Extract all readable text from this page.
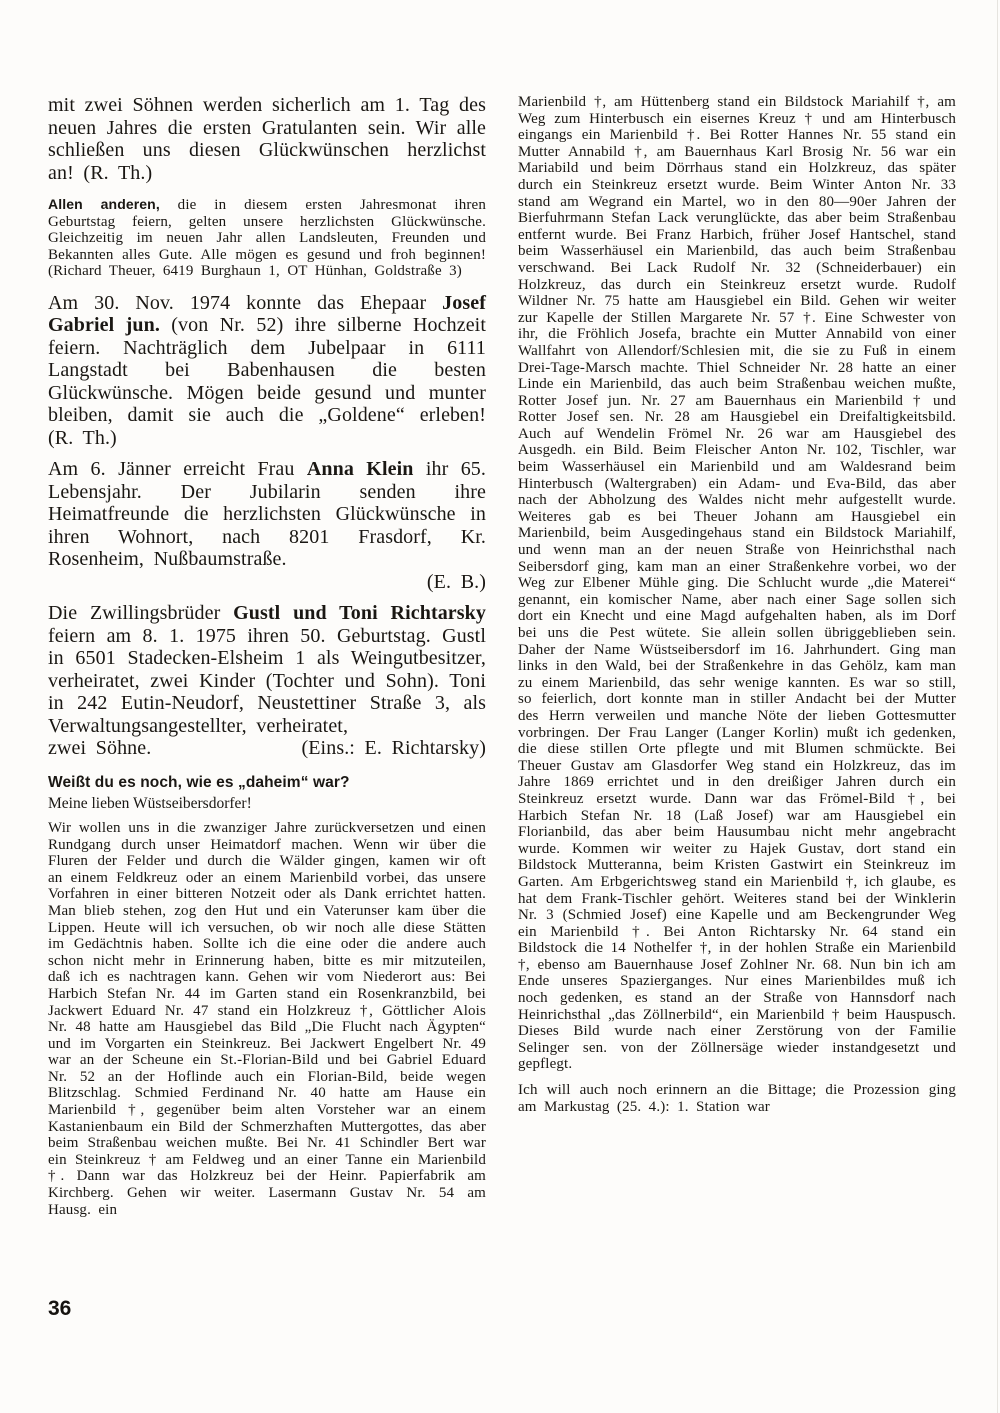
mit zwei Söhnen werden sicherlich am 1. Tag des neuen Jahres die ersten Gratulanten sein. Wir alle schließen uns diesen Glückwünschen herzlichst an! (R. Th.)

Allen anderen, die in diesem ersten Jahresmonat ihren Geburtstag feiern, gelten unsere herzlichsten Glückwünsche. Gleichzeitig im neuen Jahr allen Landsleuten, Freunden und Bekannten alles Gute. Alle mögen es gesund und froh beginnen! (Richard Theuer, 6419 Burghaun 1, OT Hünhan, Goldstraße 3)

Am 30. Nov. 1974 konnte das Ehepaar Josef Gabriel jun. (von Nr. 52) ihre silberne Hochzeit feiern. Nachträglich dem Jubelpaar in 6111 Langstadt bei Babenhausen die besten Glückwünsche. Mögen beide gesund und munter bleiben, damit sie auch die „Goldene“ erleben! (R. Th.)

Am 6. Jänner erreicht Frau Anna Klein ihr 65. Lebensjahr. Der Jubilarin senden ihre Heimatfreunde die herzlichsten Glückwünsche in ihren Wohnort, nach 8201 Frasdorf, Kr. Rosenheim, Nußbaumstraße.
(E. B.)

Die Zwillingsbrüder Gustl und Toni Richtarsky feiern am 8. 1. 1975 ihren 50. Geburtstag. Gustl in 6501 Stadecken-Elsheim 1 als Weingutbesitzer, verheiratet, zwei Kinder (Tochter und Sohn). Toni in 242 Eutin-Neudorf, Neustettiner Straße 3, als Verwaltungsangestellter, verheiratet,
zwei Söhne.	(Eins.: E. Richtarsky)

Weißt du es noch, wie es „daheim“ war?

Meine lieben Wüstseibersdorfer!

Wir wollen uns in die zwanziger Jahre zurückversetzen und einen Rundgang durch unser Heimatdorf machen. Wenn wir über die Fluren der Felder und durch die Wälder gingen, kamen wir oft an einem Feldkreuz oder an einem Marienbild vorbei, das unsere Vorfahren in einer bitteren Notzeit oder als Dank errichtet hatten. Man blieb stehen, zog den Hut und ein Vaterunser kam über die Lippen. Heute will ich versuchen, ob wir noch alle diese Stätten im Gedächtnis haben. Sollte ich die eine oder die andere auch schon nicht mehr in Erinnerung haben, bitte es mir mitzuteilen, daß ich es nachtragen kann. Gehen wir vom Niederort aus: Bei Harbich Stefan Nr. 44 im Garten stand ein Rosenkranzbild, bei Jackwert Eduard Nr. 47 stand ein Holzkreuz †, Göttlicher Alois Nr. 48 hatte am Hausgiebel das Bild „Die Flucht nach Ägypten“ und im Vorgarten ein Steinkreuz. Bei Jackwert Engelbert Nr. 49 war an der Scheune ein St.-Florian-Bild und bei Gabriel Eduard Nr. 52 an der Hoflinde auch ein Florian-Bild, beide wegen Blitzschlag. Schmied Ferdinand Nr. 40 hatte am Hause ein Marienbild †, gegenüber beim alten Vorsteher war an einem Kastanienbaum ein Bild der Schmerzhaften Muttergottes, das aber beim Straßenbau weichen mußte. Bei Nr. 41 Schindler Bert war ein Steinkreuz † am Feldweg und an einer Tanne ein Marienbild †. Dann war das Holzkreuz bei der Heinr. Papierfabrik am Kirchberg. Gehen wir weiter. Lasermann Gustav Nr. 54 am Hausg. ein

Marienbild †, am Hüttenberg stand ein Bildstock Mariahilf †, am Weg zum Hinterbusch ein eisernes Kreuz † und am Hinterbusch eingangs ein Marienbild †. Bei Rotter Hannes Nr. 55 stand ein Mutter Annabild †, am Bauernhaus Karl Brosig Nr. 56 war ein Mariabild und beim Dörrhaus stand ein Holzkreuz, das später durch ein Steinkreuz ersetzt wurde. Beim Winter Anton Nr. 33 stand am Wegrand ein Martel, wo in den 80—90er Jahren der Bierfuhrmann Stefan Lack verunglückte, das aber beim Straßenbau entfernt wurde. Bei Franz Harbich, früher Josef Hantschel, stand beim Wasserhäusel ein Marienbild, das auch beim Straßenbau verschwand. Bei Lack Rudolf Nr. 32 (Schneiderbauer) ein Holzkreuz, das durch ein Steinkreuz ersetzt wurde. Rudolf Wildner Nr. 75 hatte am Hausgiebel ein Bild. Gehen wir weiter zur Kapelle der Stillen Margarete Nr. 57 †. Eine Schwester von ihr, die Fröhlich Josefa, brachte ein Mutter Annabild von einer Wallfahrt von Allendorf/Schlesien mit, die sie zu Fuß in einem Drei-Tage-Marsch machte. Thiel Schneider Nr. 28 hatte an einer Linde ein Marienbild, das auch beim Straßenbau weichen mußte, Rotter Josef jun. Nr. 27 am Bauernhaus ein Marienbild † und Rotter Josef sen. Nr. 28 am Hausgiebel ein Dreifaltigkeitsbild. Auch auf Wendelin Frömel Nr. 26 war am Hausgiebel des Ausgedh. ein Bild. Beim Fleischer Anton Nr. 102, Tischler, war beim Wasserhäusel ein Marienbild und am Waldesrand beim Hinterbusch (Waltergraben) ein Adam- und Eva-Bild, das aber nach der Abholzung des Waldes nicht mehr aufgestellt wurde. Weiteres gab es bei Theuer Johann am Hausgiebel ein Marienbild, beim Ausgedingehaus stand ein Bildstock Mariahilf, und wenn man an der neuen Straße von Heinrichsthal nach Seibersdorf ging, kam man an einer Straßenkehre vorbei, wo der Weg zur Elbener Mühle ging. Die Schlucht wurde „die Materei“ genannt, ein komischer Name, aber nach einer Sage sollen sich dort ein Knecht und eine Magd aufgehalten haben, als im Dorf bei uns die Pest wütete. Sie allein sollen übriggeblieben sein. Daher der Name Wüstseibersdorf im 16. Jahrhundert. Ging man links in den Wald, bei der Straßenkehre in das Gehölz, kam man zu einem Marienbild, das sehr wenige kannten. Es war so still, so feierlich, dort konnte man in stiller Andacht bei der Mutter des Herrn verweilen und manche Nöte der lieben Gottesmutter vorbringen. Der Frau Langer (Langer Korlin) mußt ich gedenken, die diese stillen Orte pflegte und mit Blumen schmückte. Bei Theuer Gustav am Glasdorfer Weg stand ein Holzkreuz, das im Jahre 1869 errichtet und in den dreißiger Jahren durch ein Steinkreuz ersetzt wurde. Dann war das Frömel-Bild †, bei Harbich Stefan Nr. 18 (Laß Josef) war am Hausgiebel ein Florianbild, das aber beim Hausumbau nicht mehr angebracht wurde. Kommen wir weiter zu Hajek Gustav, dort stand ein Bildstock Mutteranna, beim Kristen Gastwirt ein Steinkreuz im Garten. Am Erbgerichtsweg stand ein Marienbild †, ich glaube, es hat dem Frank-Tischler gehört. Weiteres stand bei der Winklerin Nr. 3 (Schmied Josef) eine Kapelle und am Beckengrunder Weg ein Marienbild †. Bei Anton Richtarsky Nr. 64 stand ein Bildstock die 14 Nothelfer †, in der hohlen Straße ein Marienbild †, ebenso am Bauernhause Josef Zohlner Nr. 68. Nun bin ich am Ende unseres Spazierganges. Nur eines Marienbildes muß ich noch gedenken, es stand an der Straße von Hannsdorf nach Heinrichsthal „das Zöllnerbild“, ein Marienbild † beim Hauspusch. Dieses Bild wurde nach einer Zerstörung von der Familie Selinger sen. von der Zöllnersäge wieder instandgesetzt und gepflegt.

Ich will auch noch erinnern an die Bittage; die Prozession ging am Markustag (25. 4.): 1. Station war

36
